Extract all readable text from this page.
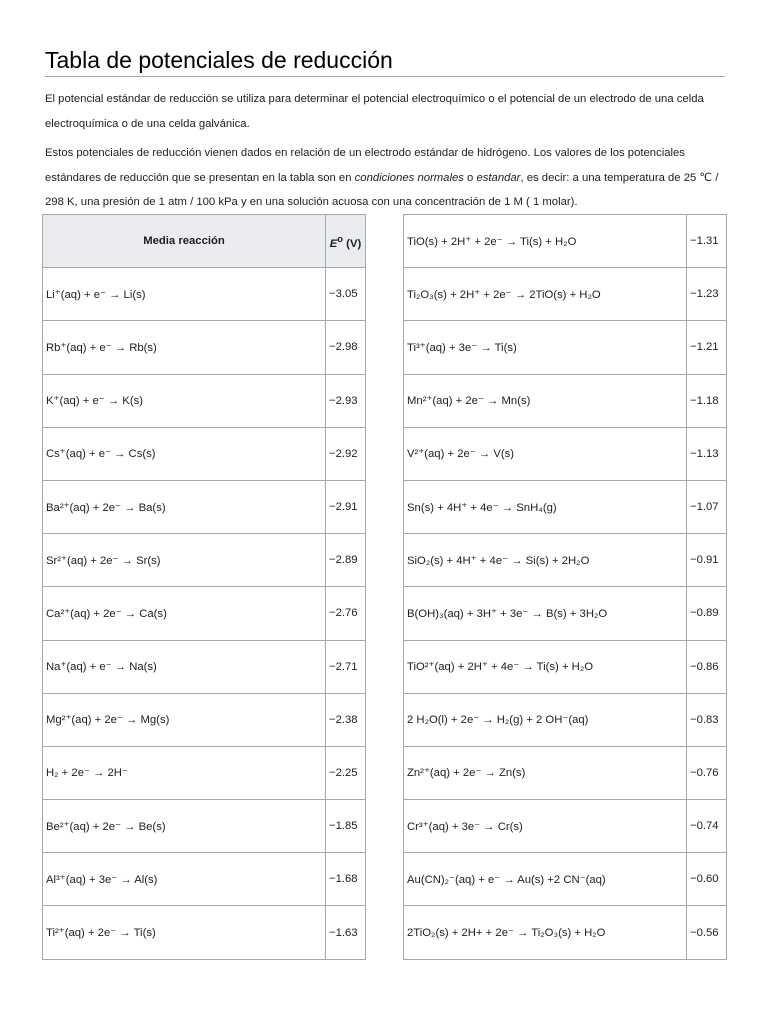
Tabla de potenciales de reducción

El potencial estándar de reducción se utiliza para determinar el potencial electroquímico o el potencial de un electrodo de una celda electroquímica o de una celda galvánica.

Estos potenciales de reducción vienen dados en relación de un electrodo estándar de hidrógeno. Los valores de los potenciales estándares de reducción que se presentan en la tabla son en condiciones normales o estandar, es decir: a una temperatura de 25 ℃ / 298 K, una presión de 1 atm / 100 kPa y en una solución acuosa con una concentración de 1 M ( 1 molar).

Media reacción	$E^o$ (V)
Li⁺(aq) + e⁻ → Li(s)	−3.05
Rb⁺(aq) + e⁻ → Rb(s)	−2.98
K⁺(aq) + e⁻ → K(s)	−2.93
Cs⁺(aq) + e⁻ → Cs(s)	−2.92
Ba²⁺(aq) + 2e⁻ → Ba(s)	−2.91
Sr²⁺(aq) + 2e⁻ → Sr(s)	−2.89
Ca²⁺(aq) + 2e⁻ → Ca(s)	−2.76
Na⁺(aq) + e⁻ → Na(s)	−2.71
Mg²⁺(aq) + 2e⁻ → Mg(s)	−2.38
H₂ + 2e⁻ → 2H⁻	−2.25
Be²⁺(aq) + 2e⁻ → Be(s)	−1.85
Al³⁺(aq) + 3e⁻ → Al(s)	−1.68
Ti²⁺(aq) + 2e⁻ → Ti(s)	−1.63
TiO(s) + 2H⁺ + 2e⁻ → Ti(s) + H₂O	−1.31
Ti₂O₃(s) + 2H⁺ + 2e⁻ → 2TiO(s) + H₂O	−1.23
Ti³⁺(aq) + 3e⁻ → Ti(s)	−1.21
Mn²⁺(aq) + 2e⁻ → Mn(s)	−1.18
V²⁺(aq) + 2e⁻ → V(s)	−1.13
Sn(s) + 4H⁺ + 4e⁻ → SnH₄(g)	−1.07
SiO₂(s) + 4H⁺ + 4e⁻ → Si(s) + 2H₂O	−0.91
B(OH)₃(aq) + 3H⁺ + 3e⁻ → B(s) + 3H₂O	−0.89
TiO²⁺(aq) + 2H⁺ + 4e⁻ → Ti(s) + H₂O	−0.86
2 H₂O(l) + 2e⁻ → H₂(g) + 2 OH⁻(aq)	−0.83
Zn²⁺(aq) + 2e⁻ → Zn(s)	−0.76
Cr³⁺(aq) + 3e⁻ → Cr(s)	−0.74
Au(CN)₂⁻(aq) + e⁻ → Au(s) +2 CN⁻(aq)	−0.60
2TiO₂(s) + 2H+ + 2e⁻ → Ti₂O₃(s) + H₂O	−0.56
